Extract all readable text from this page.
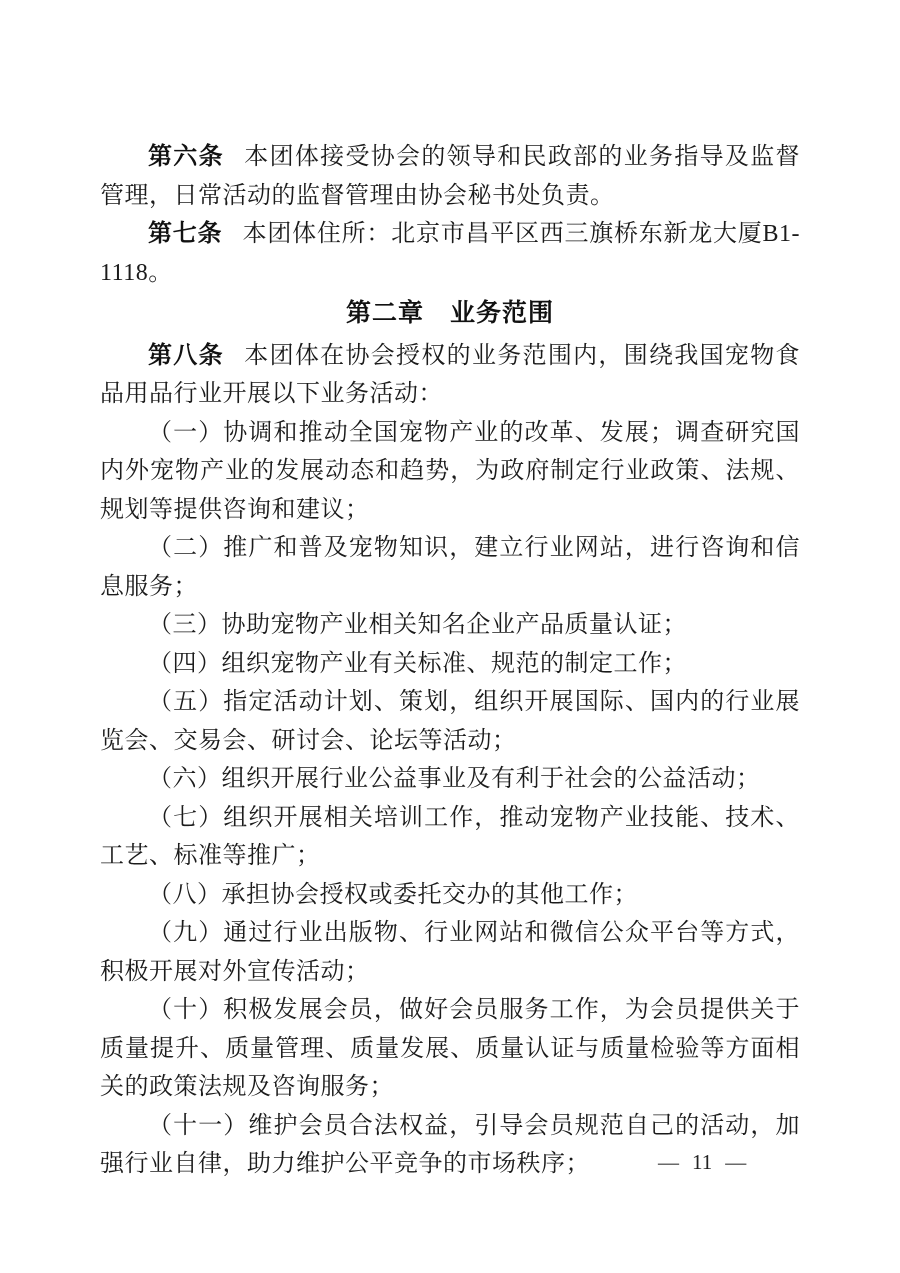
第六条 本团体接受协会的领导和民政部的业务指导及监督管理，日常活动的监督管理由协会秘书处负责。

第七条 本团体住所：北京市昌平区西三旗桥东新龙大厦B1-1118。

第二章　业务范围

第八条 本团体在协会授权的业务范围内，围绕我国宠物食品用品行业开展以下业务活动：

（一）协调和推动全国宠物产业的改革、发展；调查研究国内外宠物产业的发展动态和趋势，为政府制定行业政策、法规、规划等提供咨询和建议；

（二）推广和普及宠物知识，建立行业网站，进行咨询和信息服务；

（三）协助宠物产业相关知名企业产品质量认证；

（四）组织宠物产业有关标准、规范的制定工作；

（五）指定活动计划、策划，组织开展国际、国内的行业展览会、交易会、研讨会、论坛等活动；

（六）组织开展行业公益事业及有利于社会的公益活动；

（七）组织开展相关培训工作，推动宠物产业技能、技术、工艺、标准等推广；

（八）承担协会授权或委托交办的其他工作；

（九）通过行业出版物、行业网站和微信公众平台等方式，积极开展对外宣传活动；

（十）积极发展会员，做好会员服务工作，为会员提供关于质量提升、质量管理、质量发展、质量认证与质量检验等方面相关的政策法规及咨询服务；

（十一）维护会员合法权益，引导会员规范自己的活动，加强行业自律，助力维护公平竞争的市场秩序；	— 11 —
